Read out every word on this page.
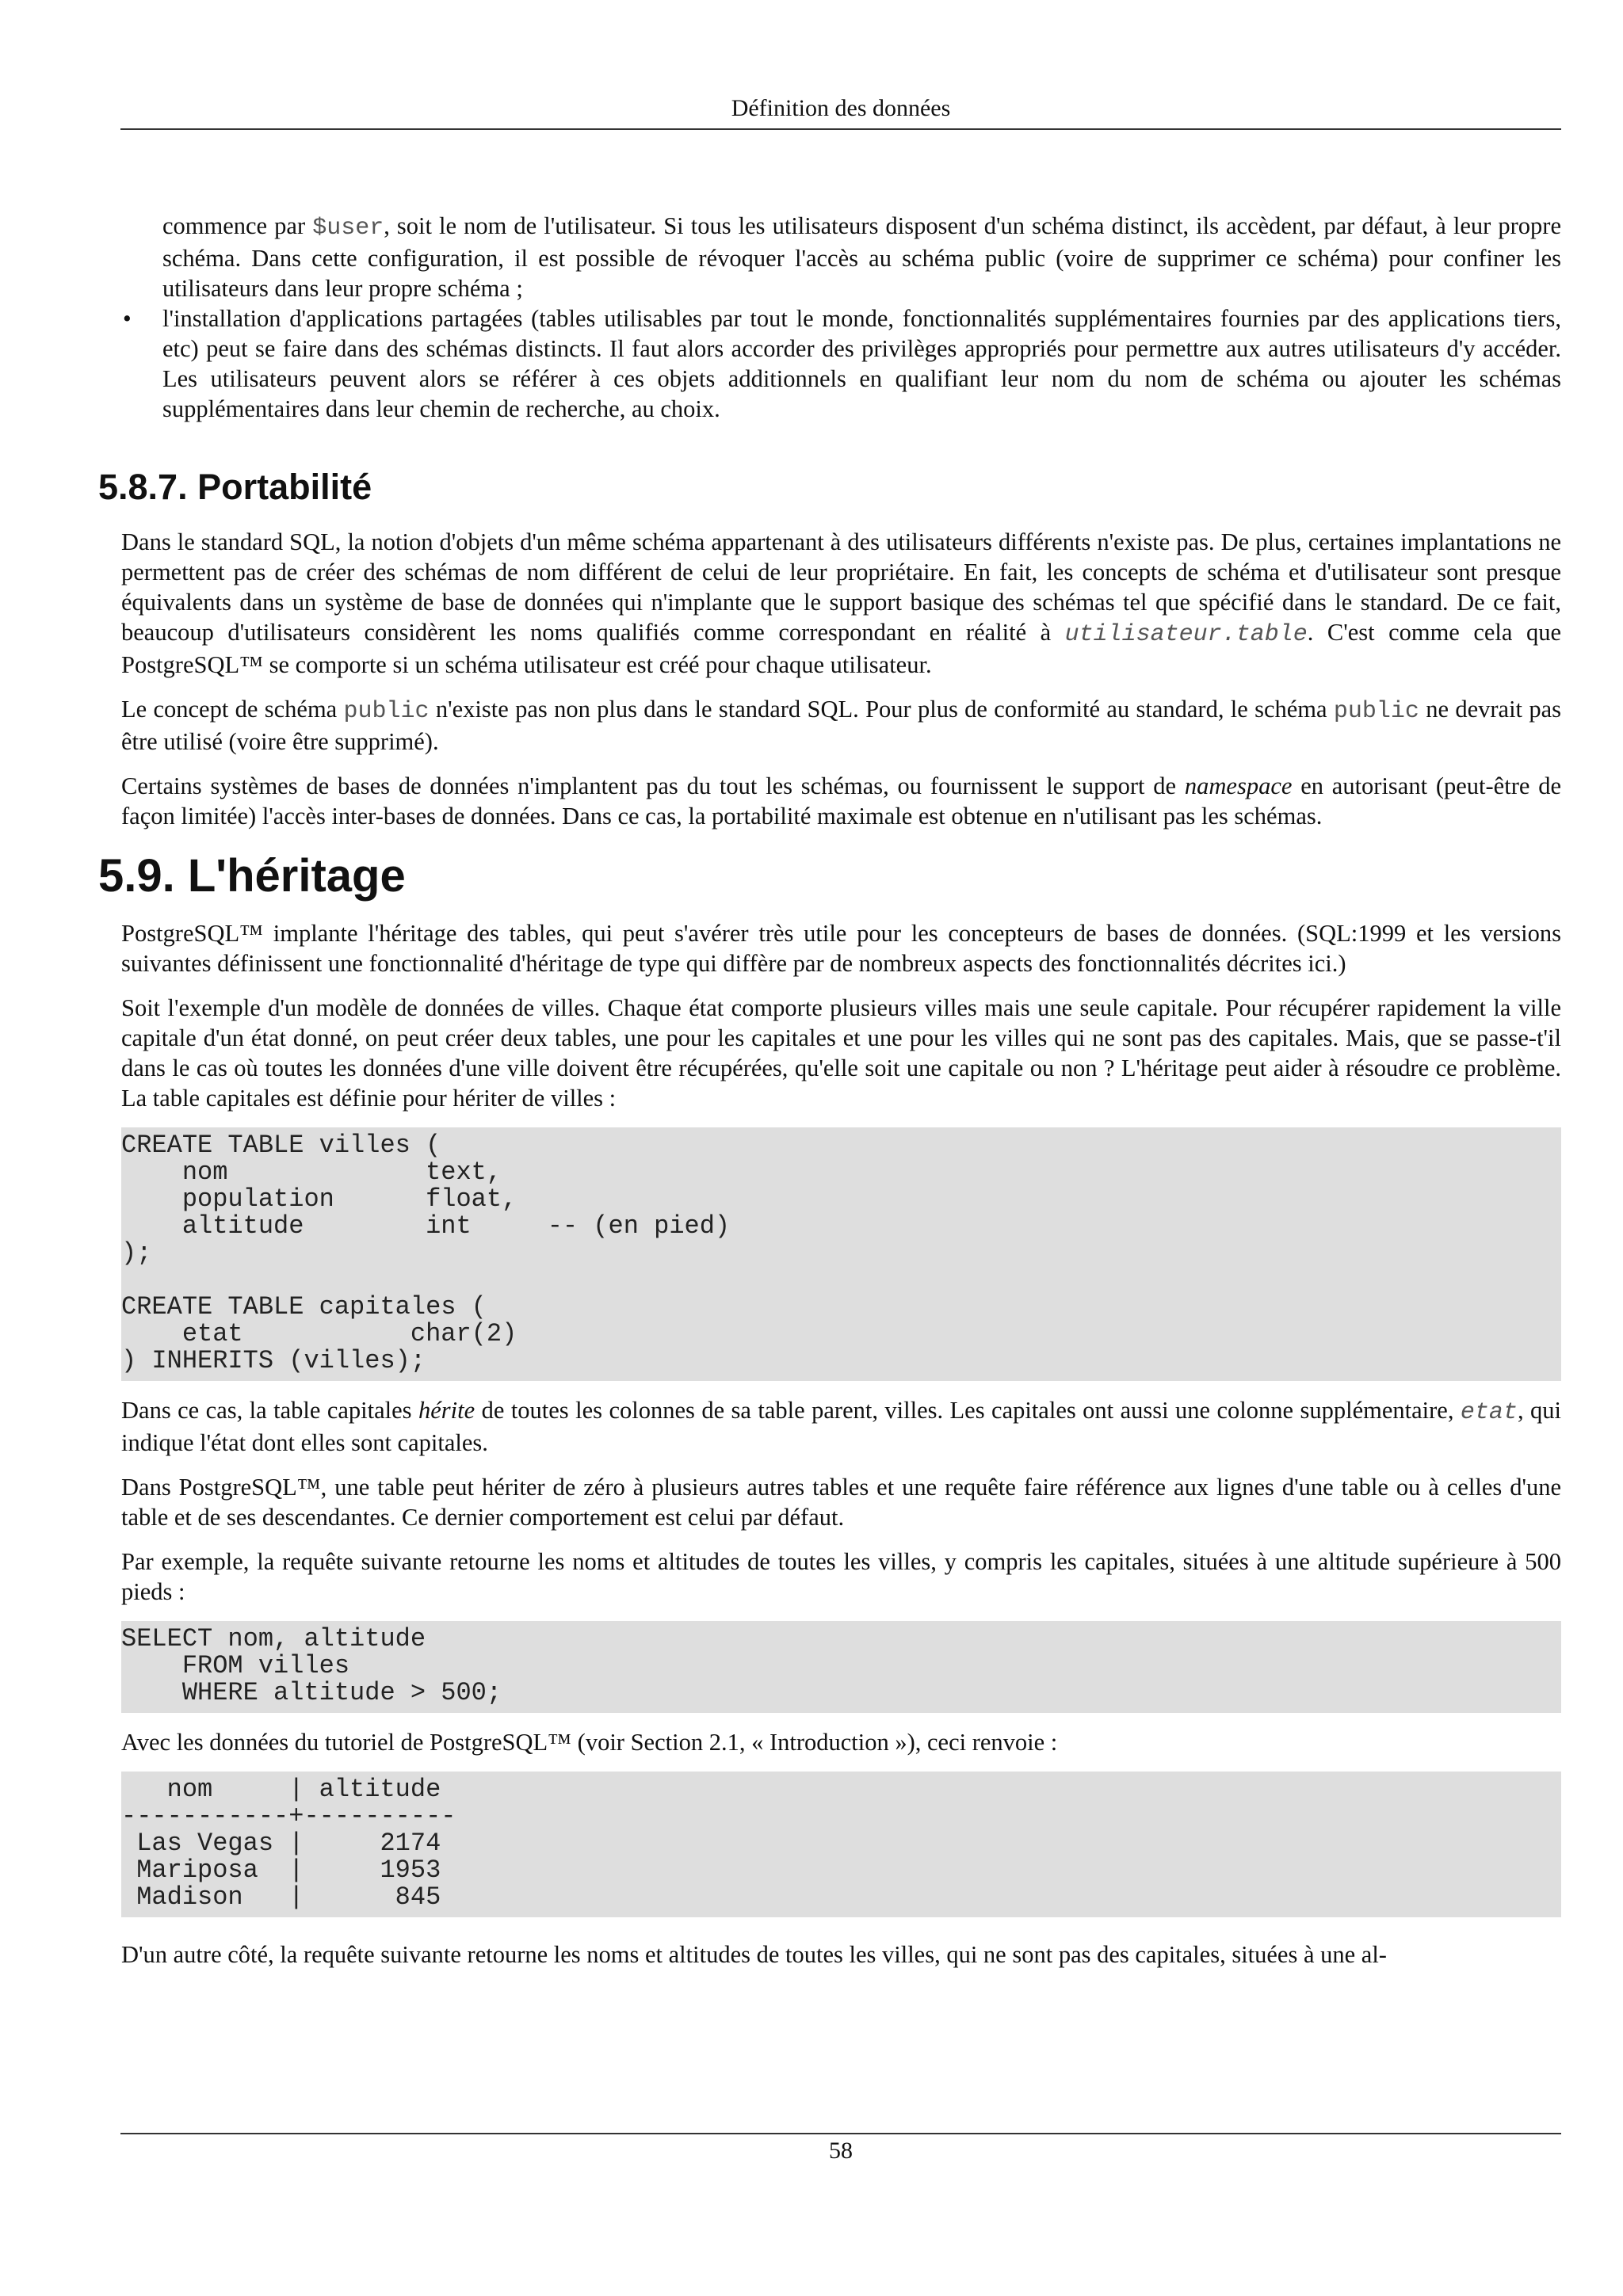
Définition des données

commence par $user, soit le nom de l'utilisateur. Si tous les utilisateurs disposent d'un schéma distinct, ils accèdent, par défaut, à leur propre schéma. Dans cette configuration, il est possible de révoquer l'accès au schéma public (voire de supprimer ce schéma) pour confiner les utilisateurs dans leur propre schéma ;

• l'installation d'applications partagées (tables utilisables par tout le monde, fonctionnalités supplémentaires fournies par des applications tiers, etc) peut se faire dans des schémas distincts. Il faut alors accorder des privilèges appropriés pour permettre aux autres utilisateurs d'y accéder. Les utilisateurs peuvent alors se référer à ces objets additionnels en qualifiant leur nom du nom de schéma ou ajouter les schémas supplémentaires dans leur chemin de recherche, au choix.
5.8.7. Portabilité

Dans le standard SQL, la notion d'objets d'un même schéma appartenant à des utilisateurs différents n'existe pas. De plus, certaines implantations ne permettent pas de créer des schémas de nom différent de celui de leur propriétaire. En fait, les concepts de schéma et d'utilisateur sont presque équivalents dans un système de base de données qui n'implante que le support basique des schémas tel que spécifié dans le standard. De ce fait, beaucoup d'utilisateurs considèrent les noms qualifiés comme correspondant en réalité à utilisateur.table. C'est comme cela que PostgreSQL™ se comporte si un schéma utilisateur est créé pour chaque utilisateur.

Le concept de schéma public n'existe pas non plus dans le standard SQL. Pour plus de conformité au standard, le schéma public ne devrait pas être utilisé (voire être supprimé).

Certains systèmes de bases de données n'implantent pas du tout les schémas, ou fournissent le support de namespace en autorisant (peut-être de façon limitée) l'accès inter-bases de données. Dans ce cas, la portabilité maximale est obtenue en n'utilisant pas les schémas.

5.9. L'héritage

PostgreSQL™ implante l'héritage des tables, qui peut s'avérer très utile pour les concepteurs de bases de données. (SQL:1999 et les versions suivantes définissent une fonctionnalité d'héritage de type qui diffère par de nombreux aspects des fonctionnalités décrites ici.)

Soit l'exemple d'un modèle de données de villes. Chaque état comporte plusieurs villes mais une seule capitale. Pour récupérer rapidement la ville capitale d'un état donné, on peut créer deux tables, une pour les capitales et une pour les villes qui ne sont pas des capitales. Mais, que se passe-t'il dans le cas où toutes les données d'une ville doivent être récupérées, qu'elle soit une capitale ou non ? L'héritage peut aider à résoudre ce problème. La table capitales est définie pour hériter de villes :

CREATE TABLE villes (
nom             text,
population      float,
altitude        int     -- (en pied)
);

CREATE TABLE capitales (
etat           char(2)
) INHERITS (villes);

Dans ce cas, la table capitales hérite de toutes les colonnes de sa table parent, villes. Les capitales ont aussi une colonne supplémentaire, etat, qui indique l'état dont elles sont capitales.

Dans PostgreSQL™, une table peut hériter de zéro à plusieurs autres tables et une requête faire référence aux lignes d'une table ou à celles d'une table et de ses descendantes. Ce dernier comportement est celui par défaut.

Par exemple, la requête suivante retourne les noms et altitudes de toutes les villes, y compris les capitales, situées à une altitude supérieure à 500 pieds :

SELECT nom, altitude
FROM villes
WHERE altitude > 500;

Avec les données du tutoriel de PostgreSQL™ (voir Section 2.1, « Introduction »), ceci renvoie :

nom     | altitude
-----------+----------
Las Vegas |     2174
Mariposa  |     1953
Madison   |      845

D'un autre côté, la requête suivante retourne les noms et altitudes de toutes les villes, qui ne sont pas des capitales, situées à une al-

58
